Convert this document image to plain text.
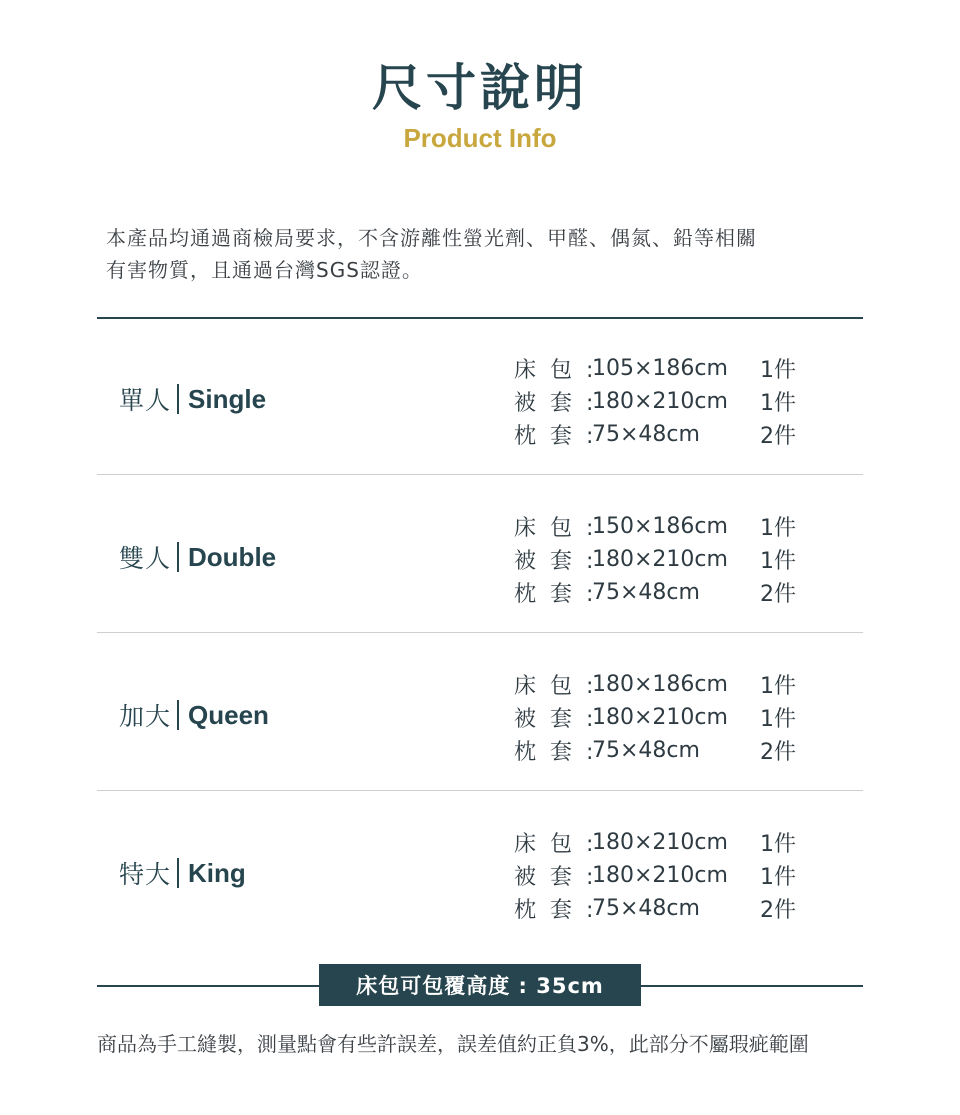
尺寸說明
Product Info
本產品均通過商檢局要求，不含游離性螢光劑、甲醛、偶氮、鉛等相關
有害物質，且通過台灣SGS認證。
單人 Single
床包:
105×186cm	1件
被套:
180×210cm	1件
枕套:
75×48cm	2件
雙人 Double
床包:
150×186cm	1件
被套:
180×210cm	1件
枕套:
75×48cm	2件
加大 Queen
床包:
180×186cm	1件
被套:
180×210cm	1件
枕套:
75×48cm	2件
特大 King
床包:
180×210cm	1件
被套:
180×210cm	1件
枕套:
75×48cm	2件
床包可包覆高度 : 35cm
商品為手工縫製，測量點會有些許誤差，誤差值約正負3%，此部分不屬瑕疵範圍
